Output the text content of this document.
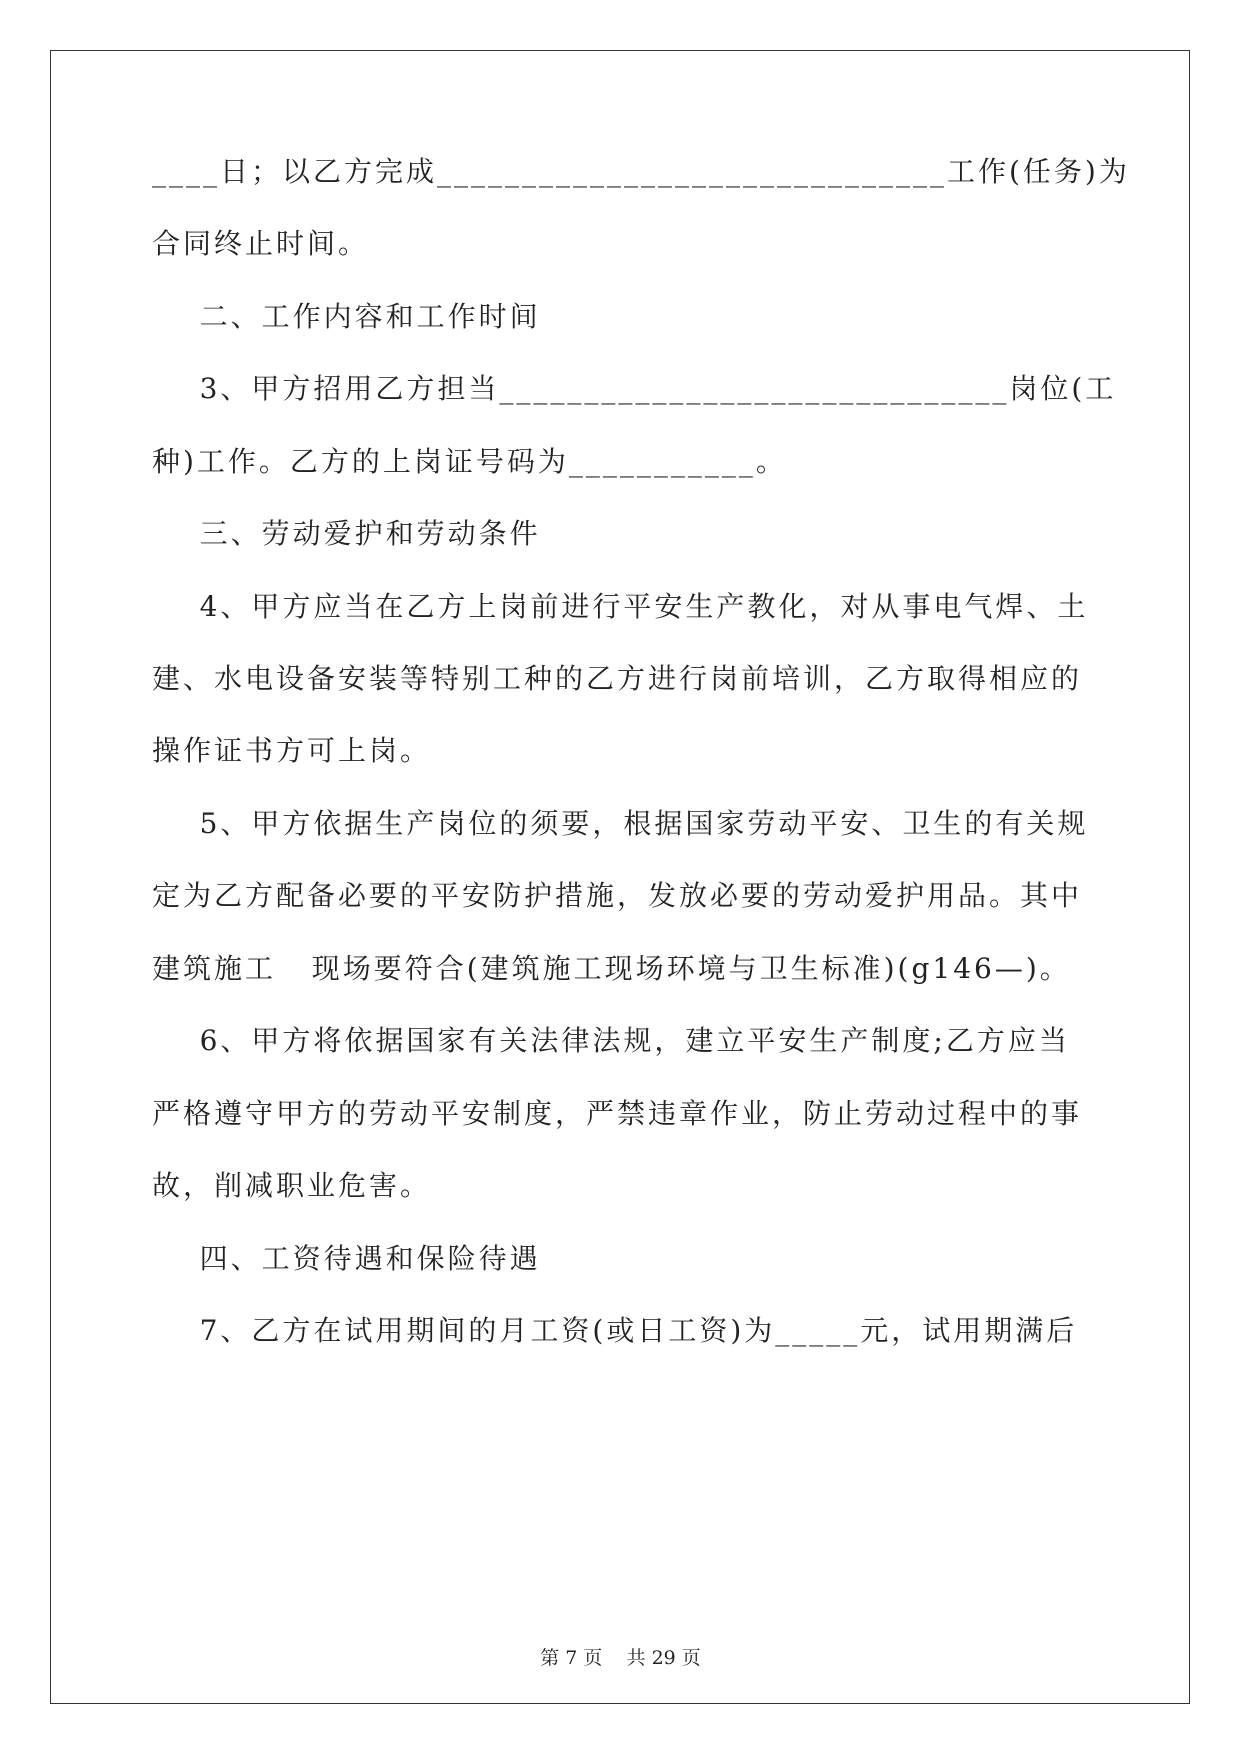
____日；以乙方完成______________________________工作(任务)为
合同终止时间。
二、工作内容和工作时间
3、甲方招用乙方担当______________________________岗位(工
种)工作。乙方的上岗证号码为___________。
三、劳动爱护和劳动条件
4、甲方应当在乙方上岗前进行平安生产教化，对从事电气焊、土
建、水电设备安装等特别工种的乙方进行岗前培训，乙方取得相应的
操作证书方可上岗。
5、甲方依据生产岗位的须要，根据国家劳动平安、卫生的有关规
定为乙方配备必要的平安防护措施，发放必要的劳动爱护用品。其中
建筑施工   现场要符合(建筑施工现场环境与卫生标准)(g146—)。
6、甲方将依据国家有关法律法规，建立平安生产制度;乙方应当
严格遵守甲方的劳动平安制度，严禁违章作业，防止劳动过程中的事
故，削减职业危害。
四、工资待遇和保险待遇
7、乙方在试用期间的月工资(或日工资)为_____元，试用期满后
第 7 页    共 29 页
